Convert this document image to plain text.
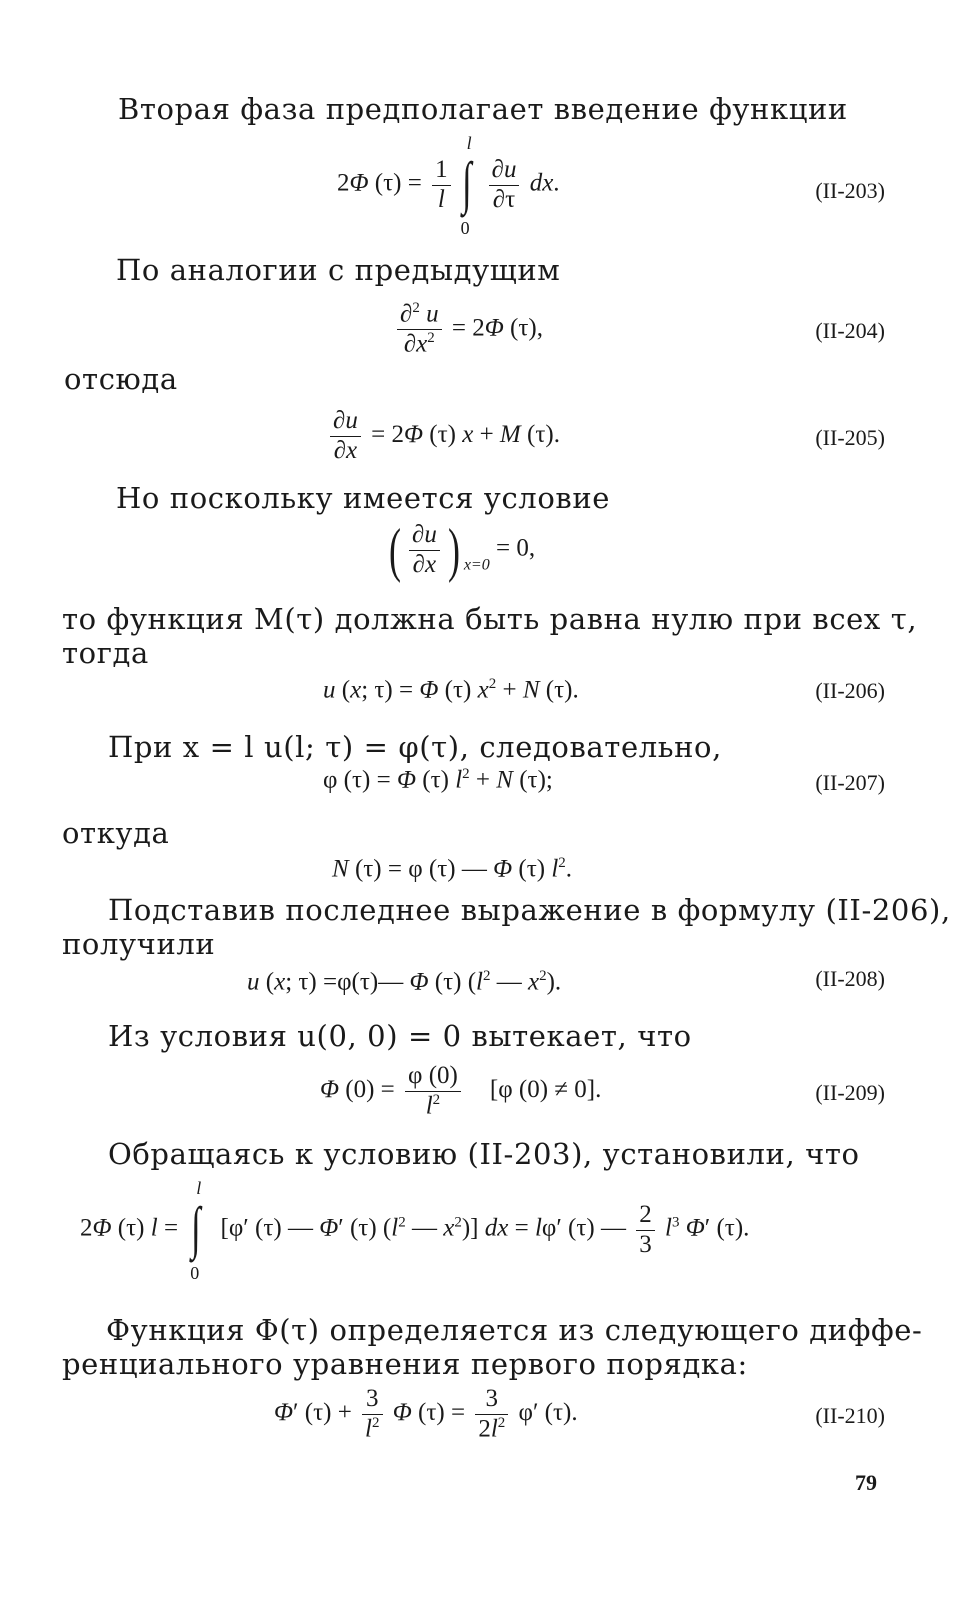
Вторая фаза предполагает введение функции
2Φ $(\tau) = \frac{1}{l}$
l
∫
0
$\frac{\partial u}{\partial\tau}$ dx.	(II-203)
По аналогии с предыдущим
$\frac{\partial^2 u}{\partial x^2} = 2\Phi$ (τ),	(II-204)
отсюда
$\frac{\partial u}{\partial x} = 2\Phi$ (τ) x + M (τ).	(II-205)
Но поскольку имеется условие
( $\frac{\partial u}{\partial x}$ ) $_{x=0}$ = 0,
то функция M(τ) должна быть равна нулю при всех τ,
тогда
u (x; τ) = Φ (τ) $x^2 + N$ (τ).	(II-206)
При x = l u(l; τ) = φ(τ), следовательно,
φ (τ) = Φ (τ) $l^2 + N$ (τ);	(II-207)
откуда
N (τ) = φ (τ) — Φ (τ) $l^2$.
Подставив последнее выражение в формулу (II-206),
получили
u (x; τ) =φ(τ)— Φ (τ) ($l^2$ — $x^2$).	(II-208)
Из условия u(0, 0) = 0 вытекает, что
Φ $(0) = \frac{\varphi (0)}{l^2} [\varphi$ (0) ≠ 0].	(II-209)
Обращаясь к условию (II-203), установили, что
2Φ (τ) l =
l
∫
0
[φ′ (τ) — Φ′ (τ) ($l^2$ — $x^2$)] dx = lφ′ (τ) — $\frac{2}{3} l^3$ Φ′ (τ).
Функция Φ(τ) определяется из следующего диффе-
ренциального уравнения первого порядка:
Φ′ $(\tau) + \frac{3}{l^2}$ Φ $(\tau) = \frac{3}{2l^2} \varphi'$ (τ).	(II-210)
79
